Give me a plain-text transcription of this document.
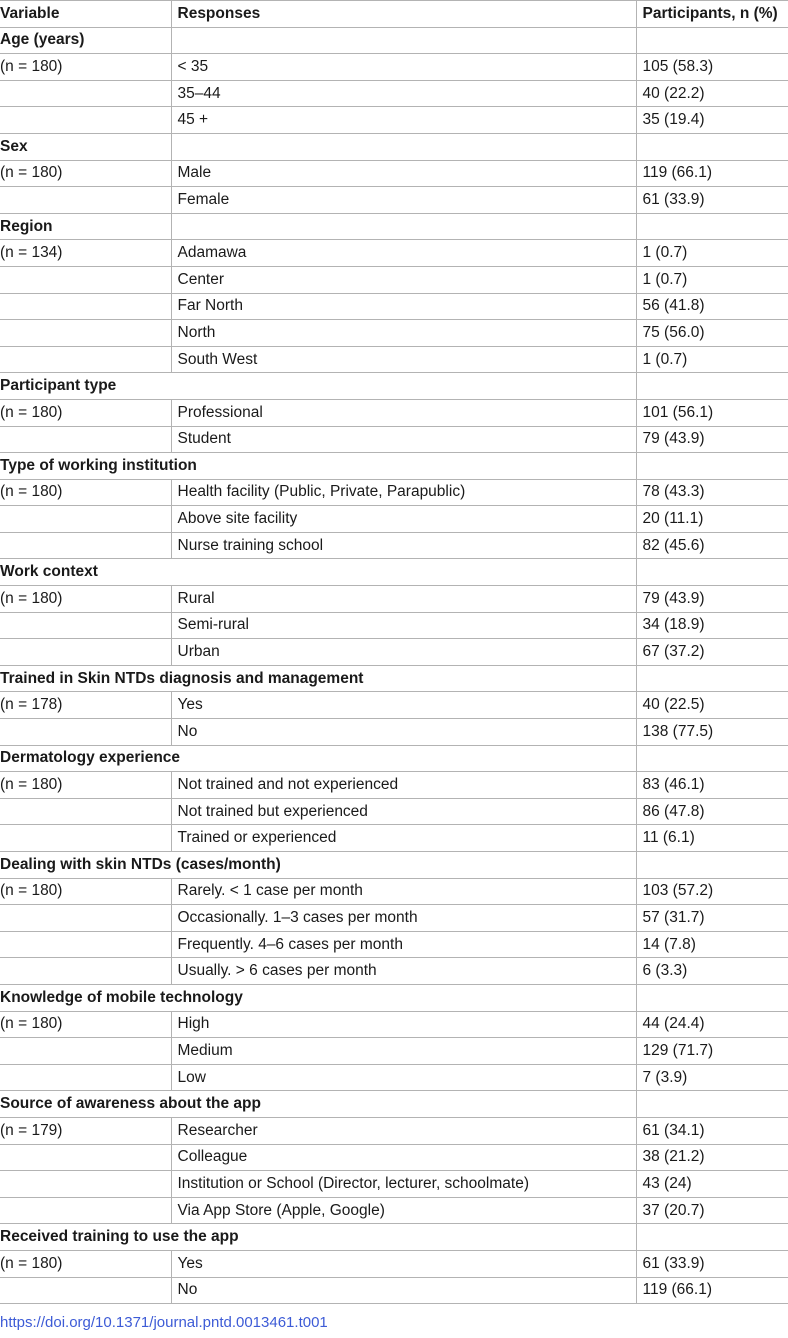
Variable	Responses	Participants, n (%)
Age (years)		
(n = 180)	< 35	105 (58.3)
	35–44	40 (22.2)
	45 +	35 (19.4)
Sex		
(n = 180)	Male	119 (66.1)
	Female	61 (33.9)
Region		
(n = 134)	Adamawa	1 (0.7)
	Center	1 (0.7)
	Far North	56 (41.8)
	North	75 (56.0)
	South West	1 (0.7)
Participant type		
(n = 180)	Professional	101 (56.1)
	Student	79 (43.9)
Type of working institution		
(n = 180)	Health facility (Public, Private, Parapublic)	78 (43.3)
	Above site facility	20 (11.1)
	Nurse training school	82 (45.6)
Work context		
(n = 180)	Rural	79 (43.9)
	Semi-rural	34 (18.9)
	Urban	67 (37.2)
Trained in Skin NTDs diagnosis and management		
(n = 178)	Yes	40 (22.5)
	No	138 (77.5)
Dermatology experience		
(n = 180)	Not trained and not experienced	83 (46.1)
	Not trained but experienced	86 (47.8)
	Trained or experienced	11 (6.1)
Dealing with skin NTDs (cases/month)		
(n = 180)	Rarely. < 1 case per month	103 (57.2)
	Occasionally. 1–3 cases per month	57 (31.7)
	Frequently. 4–6 cases per month	14 (7.8)
	Usually. > 6 cases per month	6 (3.3)
Knowledge of mobile technology		
(n = 180)	High	44 (24.4)
	Medium	129 (71.7)
	Low	7 (3.9)
Source of awareness about the app		
(n = 179)	Researcher	61 (34.1)
	Colleague	38 (21.2)
	Institution or School (Director, lecturer, schoolmate)	43 (24)
	Via App Store (Apple, Google)	37 (20.7)
Received training to use the app		
(n = 180)	Yes	61 (33.9)
	No	119 (66.1)
https://doi.org/10.1371/journal.pntd.0013461.t001
